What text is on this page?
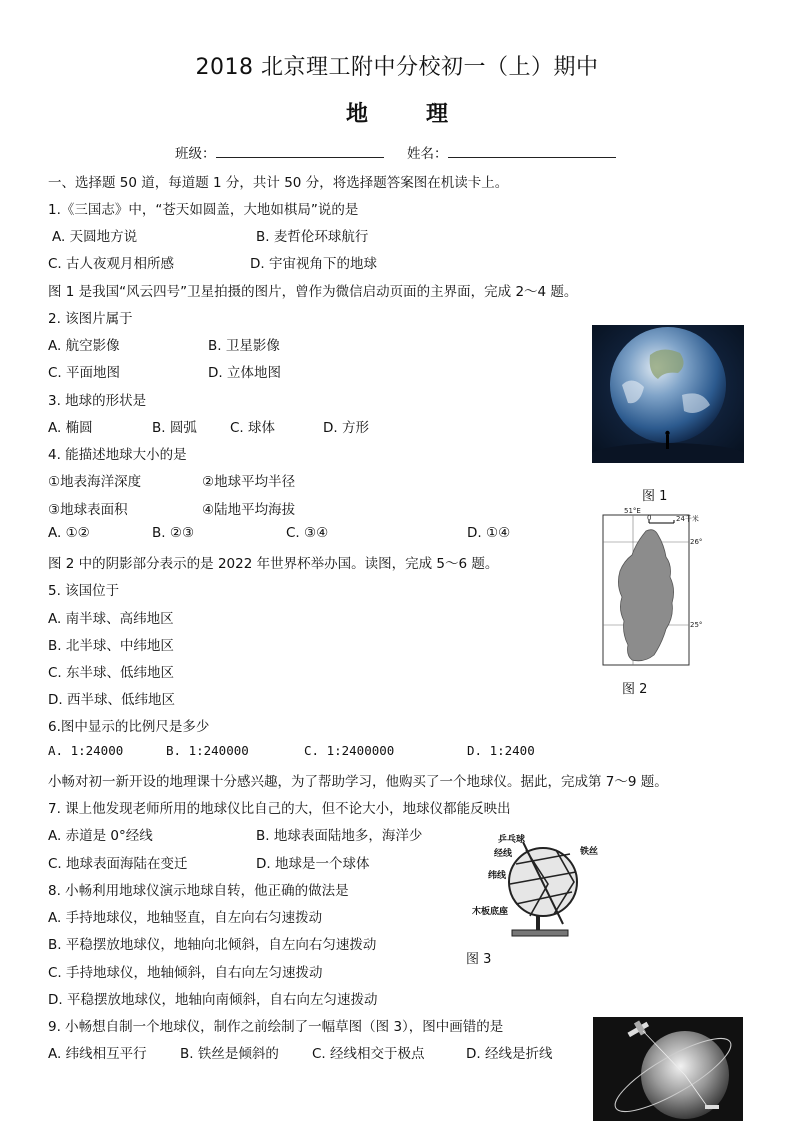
2018 北京理工附中分校初一（上）期中
地理
班级：	姓名：
一、选择题 50 道，每道题 1 分，共计 50 分，将选择题答案图在机读卡上。
1.《三国志》中，“苍天如圆盖，大地如棋局”说的是
A. 天圆地方说	B. 麦哲伦环球航行
C. 古人夜观月相所感	D. 宇宙视角下的地球
图 1 是我国“风云四号”卫星拍摄的图片，曾作为微信启动页面的主界面，完成 2～4 题。
2. 该图片属于
A. 航空影像	B. 卫星影像
C. 平面地图	D. 立体地图
3. 地球的形状是
A. 椭圆	B. 圆弧 C. 球体	D. 方形
4. 能描述地球大小的是
①地表海洋深度	②地球平均半径
③地球表面积	④陆地平均海拔
A. ①②	B. ②③	C. ③④	D. ①④
图 2 中的阴影部分表示的是 2022 年世界杯举办国。读图，完成 5～6 题。
5. 该国位于
A. 南半球、高纬地区
B. 北半球、中纬地区
C. 东半球、低纬地区
D. 西半球、低纬地区
6.图中显示的比例尺是多少
A. 1:24000	B. 1:240000	C. 1:2400000	D. 1:2400
小畅对初一新开设的地理课十分感兴趣，为了帮助学习，他购买了一个地球仪。据此，完成第 7～9 题。
7. 课上他发现老师所用的地球仪比自己的大，但不论大小，地球仪都能反映出
A. 赤道是 0°经线	B. 地球表面陆地多，海洋少
C. 地球表面海陆在变迁	D. 地球是一个球体
8. 小畅利用地球仪演示地球自转，他正确的做法是
A. 手持地球仪，地轴竖直，自左向右匀速拨动
B. 平稳摆放地球仪，地轴向北倾斜，自左向右匀速拨动
C. 手持地球仪，地轴倾斜，自右向左匀速拨动
D. 平稳摆放地球仪，地轴向南倾斜，自右向左匀速拨动
9. 小畅想自制一个地球仪，制作之前绘制了一幅草图（图 3），图中画错的是
A. 纬线相互平行 B. 铁丝是倾斜的 C. 经线相交于极点	D. 经线是折线
图 1
51°E
26°
25°
0	24千米
图 2
乒乓球
经线
纬线
铁丝
木板底座
图 3
